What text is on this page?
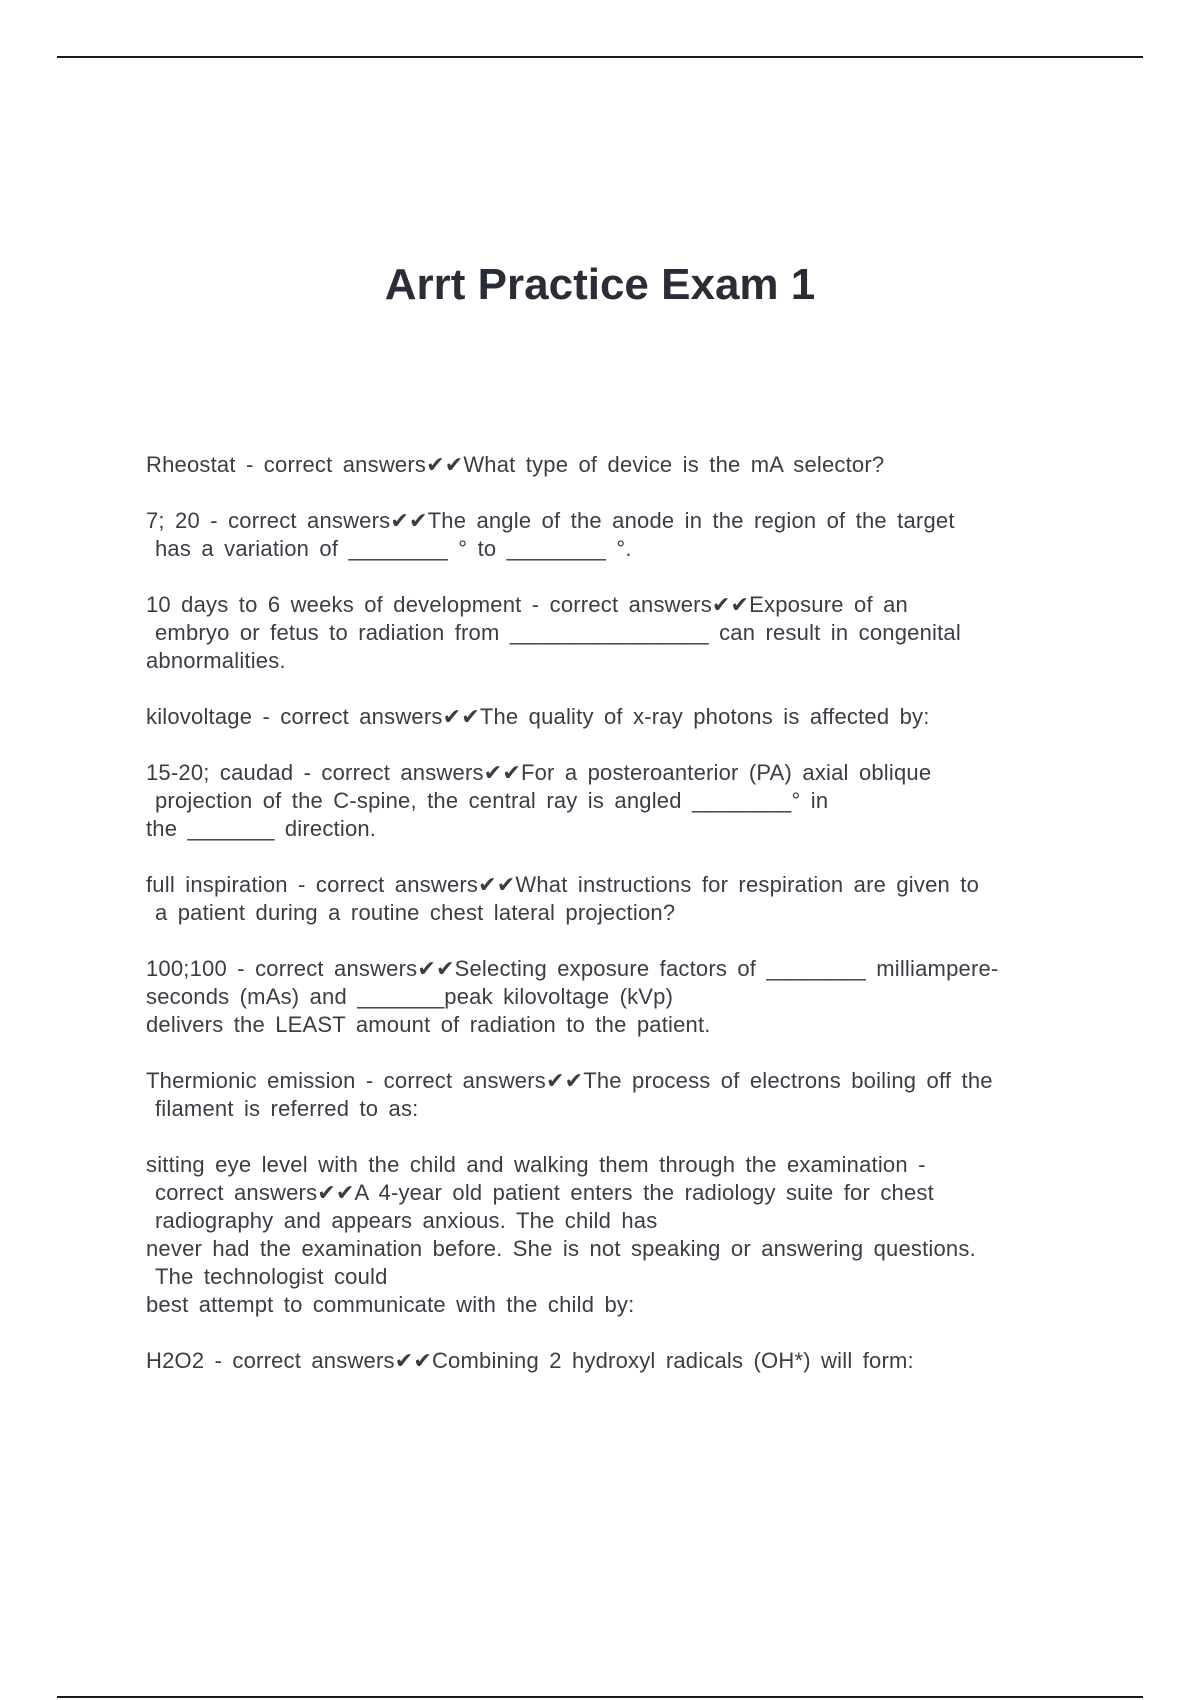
Arrt Practice Exam 1
Rheostat - correct answers✔✔What type of device is the mA selector?
7; 20 - correct answers✔✔The angle of the anode in the region of the target
has a variation of ________ ° to ________ °.
10 days to 6 weeks of development - correct answers✔✔Exposure of an
embryo or fetus to radiation from ________________ can result in congenital
abnormalities.
kilovoltage - correct answers✔✔The quality of x-ray photons is affected by:
15-20; caudad - correct answers✔✔For a posteroanterior (PA) axial oblique
projection of the C-spine, the central ray is angled ________° in
the _______ direction.
full inspiration - correct answers✔✔What instructions for respiration are given to
a patient during a routine chest lateral projection?
100;100 - correct answers✔✔Selecting exposure factors of ________ milliampere-
seconds (mAs) and _______peak kilovoltage (kVp)
delivers the LEAST amount of radiation to the patient.
Thermionic emission - correct answers✔✔The process of electrons boiling off the
filament is referred to as:
sitting eye level with the child and walking them through the examination -
correct answers✔✔A 4-year old patient enters the radiology suite for chest
radiography and appears anxious. The child has
never had the examination before. She is not speaking or answering questions.
The technologist could
best attempt to communicate with the child by:
H2O2 - correct answers✔✔Combining 2 hydroxyl radicals (OH*) will form:
